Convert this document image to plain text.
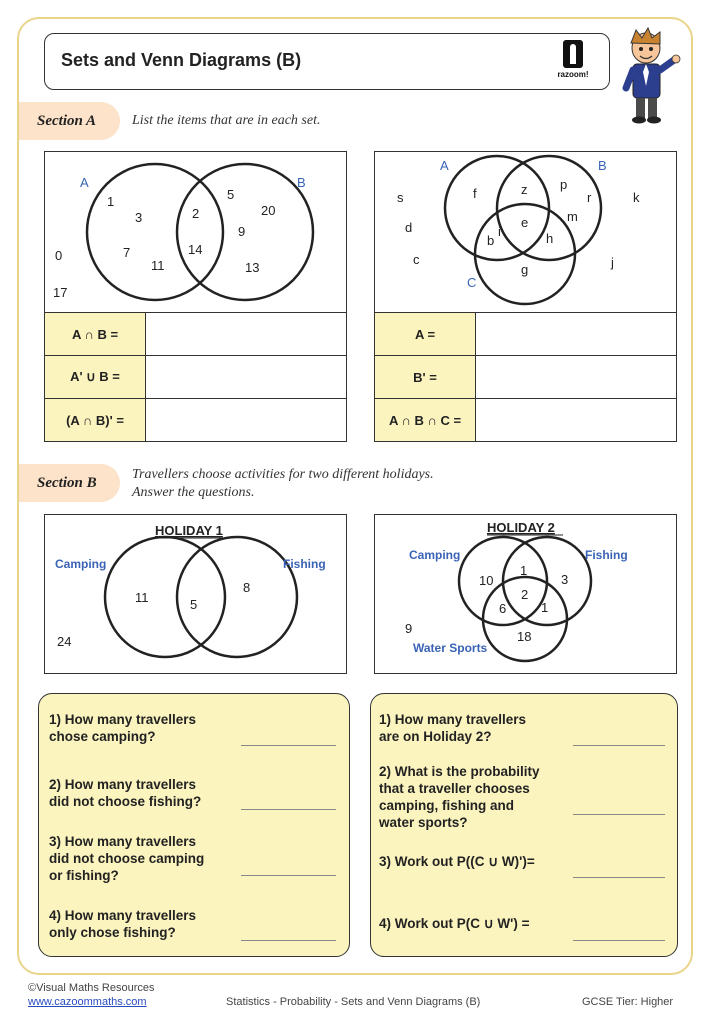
Sets and Venn Diagrams (B)
razoom!
Section A	List the items that are in each set.
A	B
1
3
7
11
2
14
5
20
9
13
0
17
A	B
C
f	z	p
r
m
e
b
i	h
g
s
d
c
k
j
A ∩ B =	
A' ∪ B =	
(A ∩ B)' =	
A =	
B' =	
A ∩ B ∩ C =	
Section B
Travellers choose activities for two different holidays.
Answer the questions.
HOLIDAY 1
Camping	Fishing
11	5
8
24
HOLIDAY 2
Camping	Fishing
Water Sports
10
1
3
2
6	1
18
9
1) How many travellers
chose camping?
2) How many travellers
did not choose fishing?
3) How many travellers
did not choose camping
or fishing?
4) How many travellers
only chose fishing?
1) How many travellers
are on Holiday 2?
2) What is the probability
that a traveller chooses
camping, fishing and
water sports?
3) Work out P((C ∪ W)')=
4) Work out P(C ∪ W') =
©Visual Maths Resources
www.cazoommaths.com	Statistics - Probability - Sets and Venn Diagrams (B)	GCSE Tier: Higher
